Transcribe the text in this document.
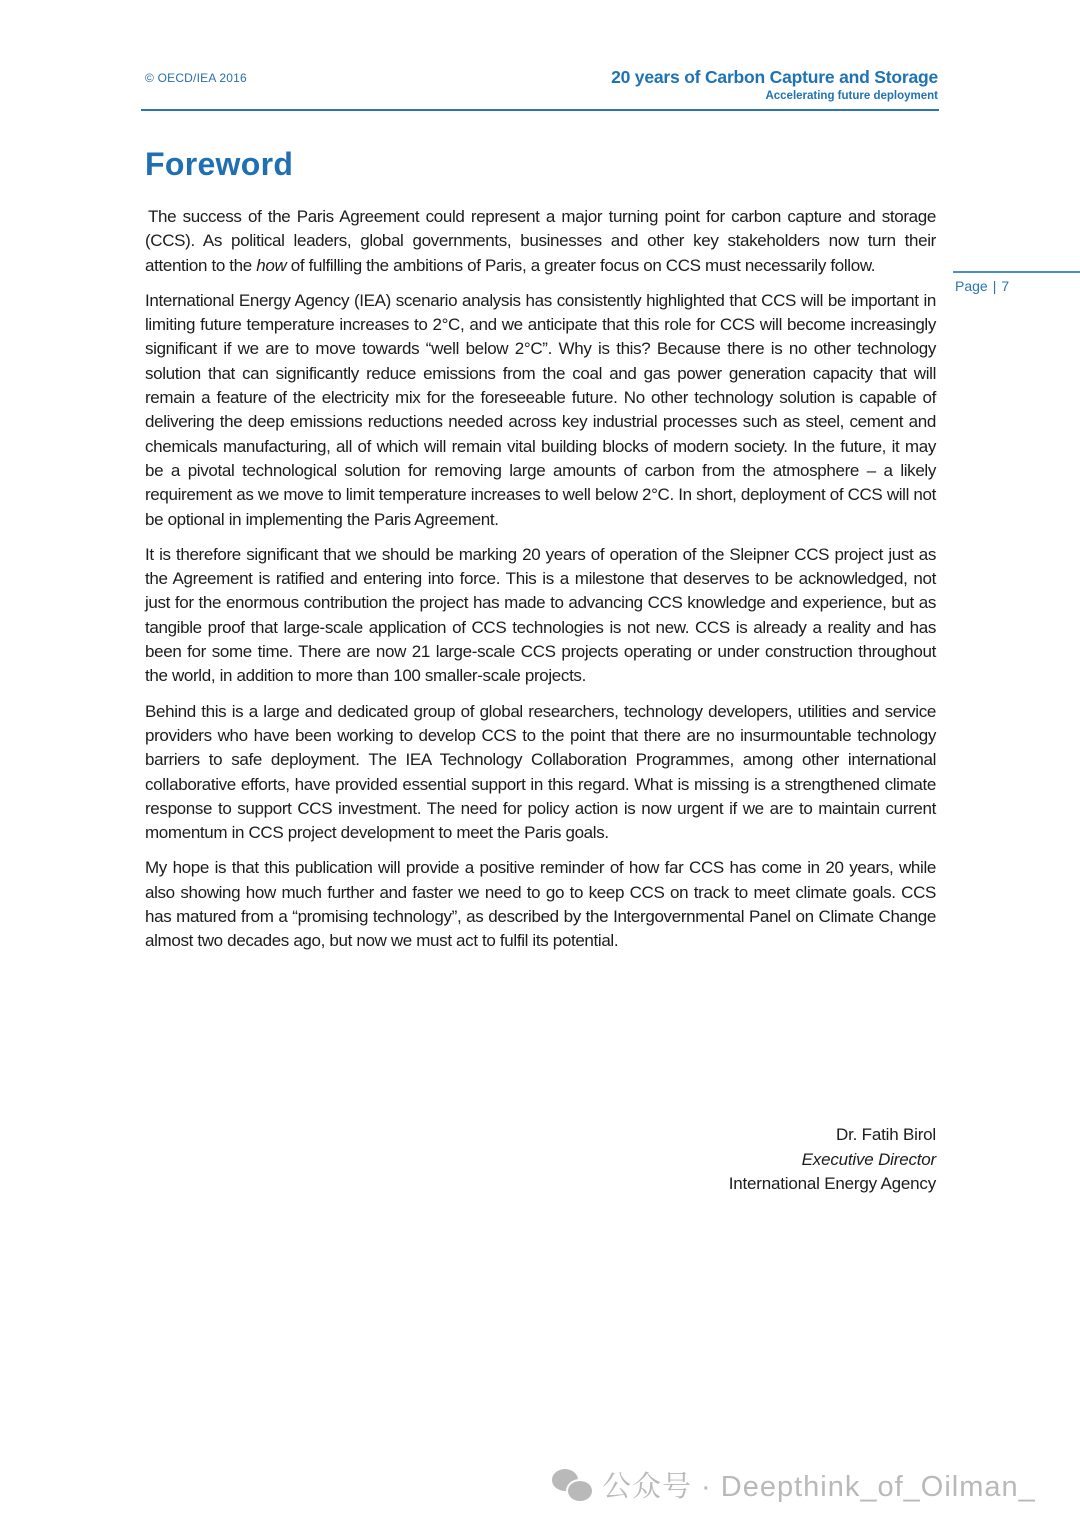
© OECD/IEA 2016	20 years of Carbon Capture and Storage
Accelerating future deployment
Page | 7
Foreword

The success of the Paris Agreement could represent a major turning point for carbon capture and storage (CCS). As political leaders, global governments, businesses and other key stakeholders now turn their attention to the how of fulfilling the ambitions of Paris, a greater focus on CCS must necessarily follow.

International Energy Agency (IEA) scenario analysis has consistently highlighted that CCS will be important in limiting future temperature increases to 2°C, and we anticipate that this role for CCS will become increasingly significant if we are to move towards “well below 2°C”. Why is this? Because there is no other technology solution that can significantly reduce emissions from the coal and gas power generation capacity that will remain a feature of the electricity mix for the foreseeable future. No other technology solution is capable of delivering the deep emissions reductions needed across key industrial processes such as steel, cement and chemicals manufacturing, all of which will remain vital building blocks of modern society. In the future, it may be a pivotal technological solution for removing large amounts of carbon from the atmosphere – a likely requirement as we move to limit temperature increases to well below 2°C. In short, deployment of CCS will not be optional in implementing the Paris Agreement.

It is therefore significant that we should be marking 20 years of operation of the Sleipner CCS project just as the Agreement is ratified and entering into force. This is a milestone that deserves to be acknowledged, not just for the enormous contribution the project has made to advancing CCS knowledge and experience, but as tangible proof that large-scale application of CCS technologies is not new. CCS is already a reality and has been for some time. There are now 21 large-scale CCS projects operating or under construction throughout the world, in addition to more than 100 smaller-scale projects.

Behind this is a large and dedicated group of global researchers, technology developers, utilities and service providers who have been working to develop CCS to the point that there are no insurmountable technology barriers to safe deployment. The IEA Technology Collaboration Programmes, among other international collaborative efforts, have provided essential support in this regard. What is missing is a strengthened climate response to support CCS investment. The need for policy action is now urgent if we are to maintain current momentum in CCS project development to meet the Paris goals.

My hope is that this publication will provide a positive reminder of how far CCS has come in 20 years, while also showing how much further and faster we need to go to keep CCS on track to meet climate goals. CCS has matured from a “promising technology”, as described by the Intergovernmental Panel on Climate Change almost two decades ago, but now we must act to fulfil its potential.

Dr. Fatih Birol
Executive Director
International Energy Agency
公众号 · Deepthink_of_Oilman_
